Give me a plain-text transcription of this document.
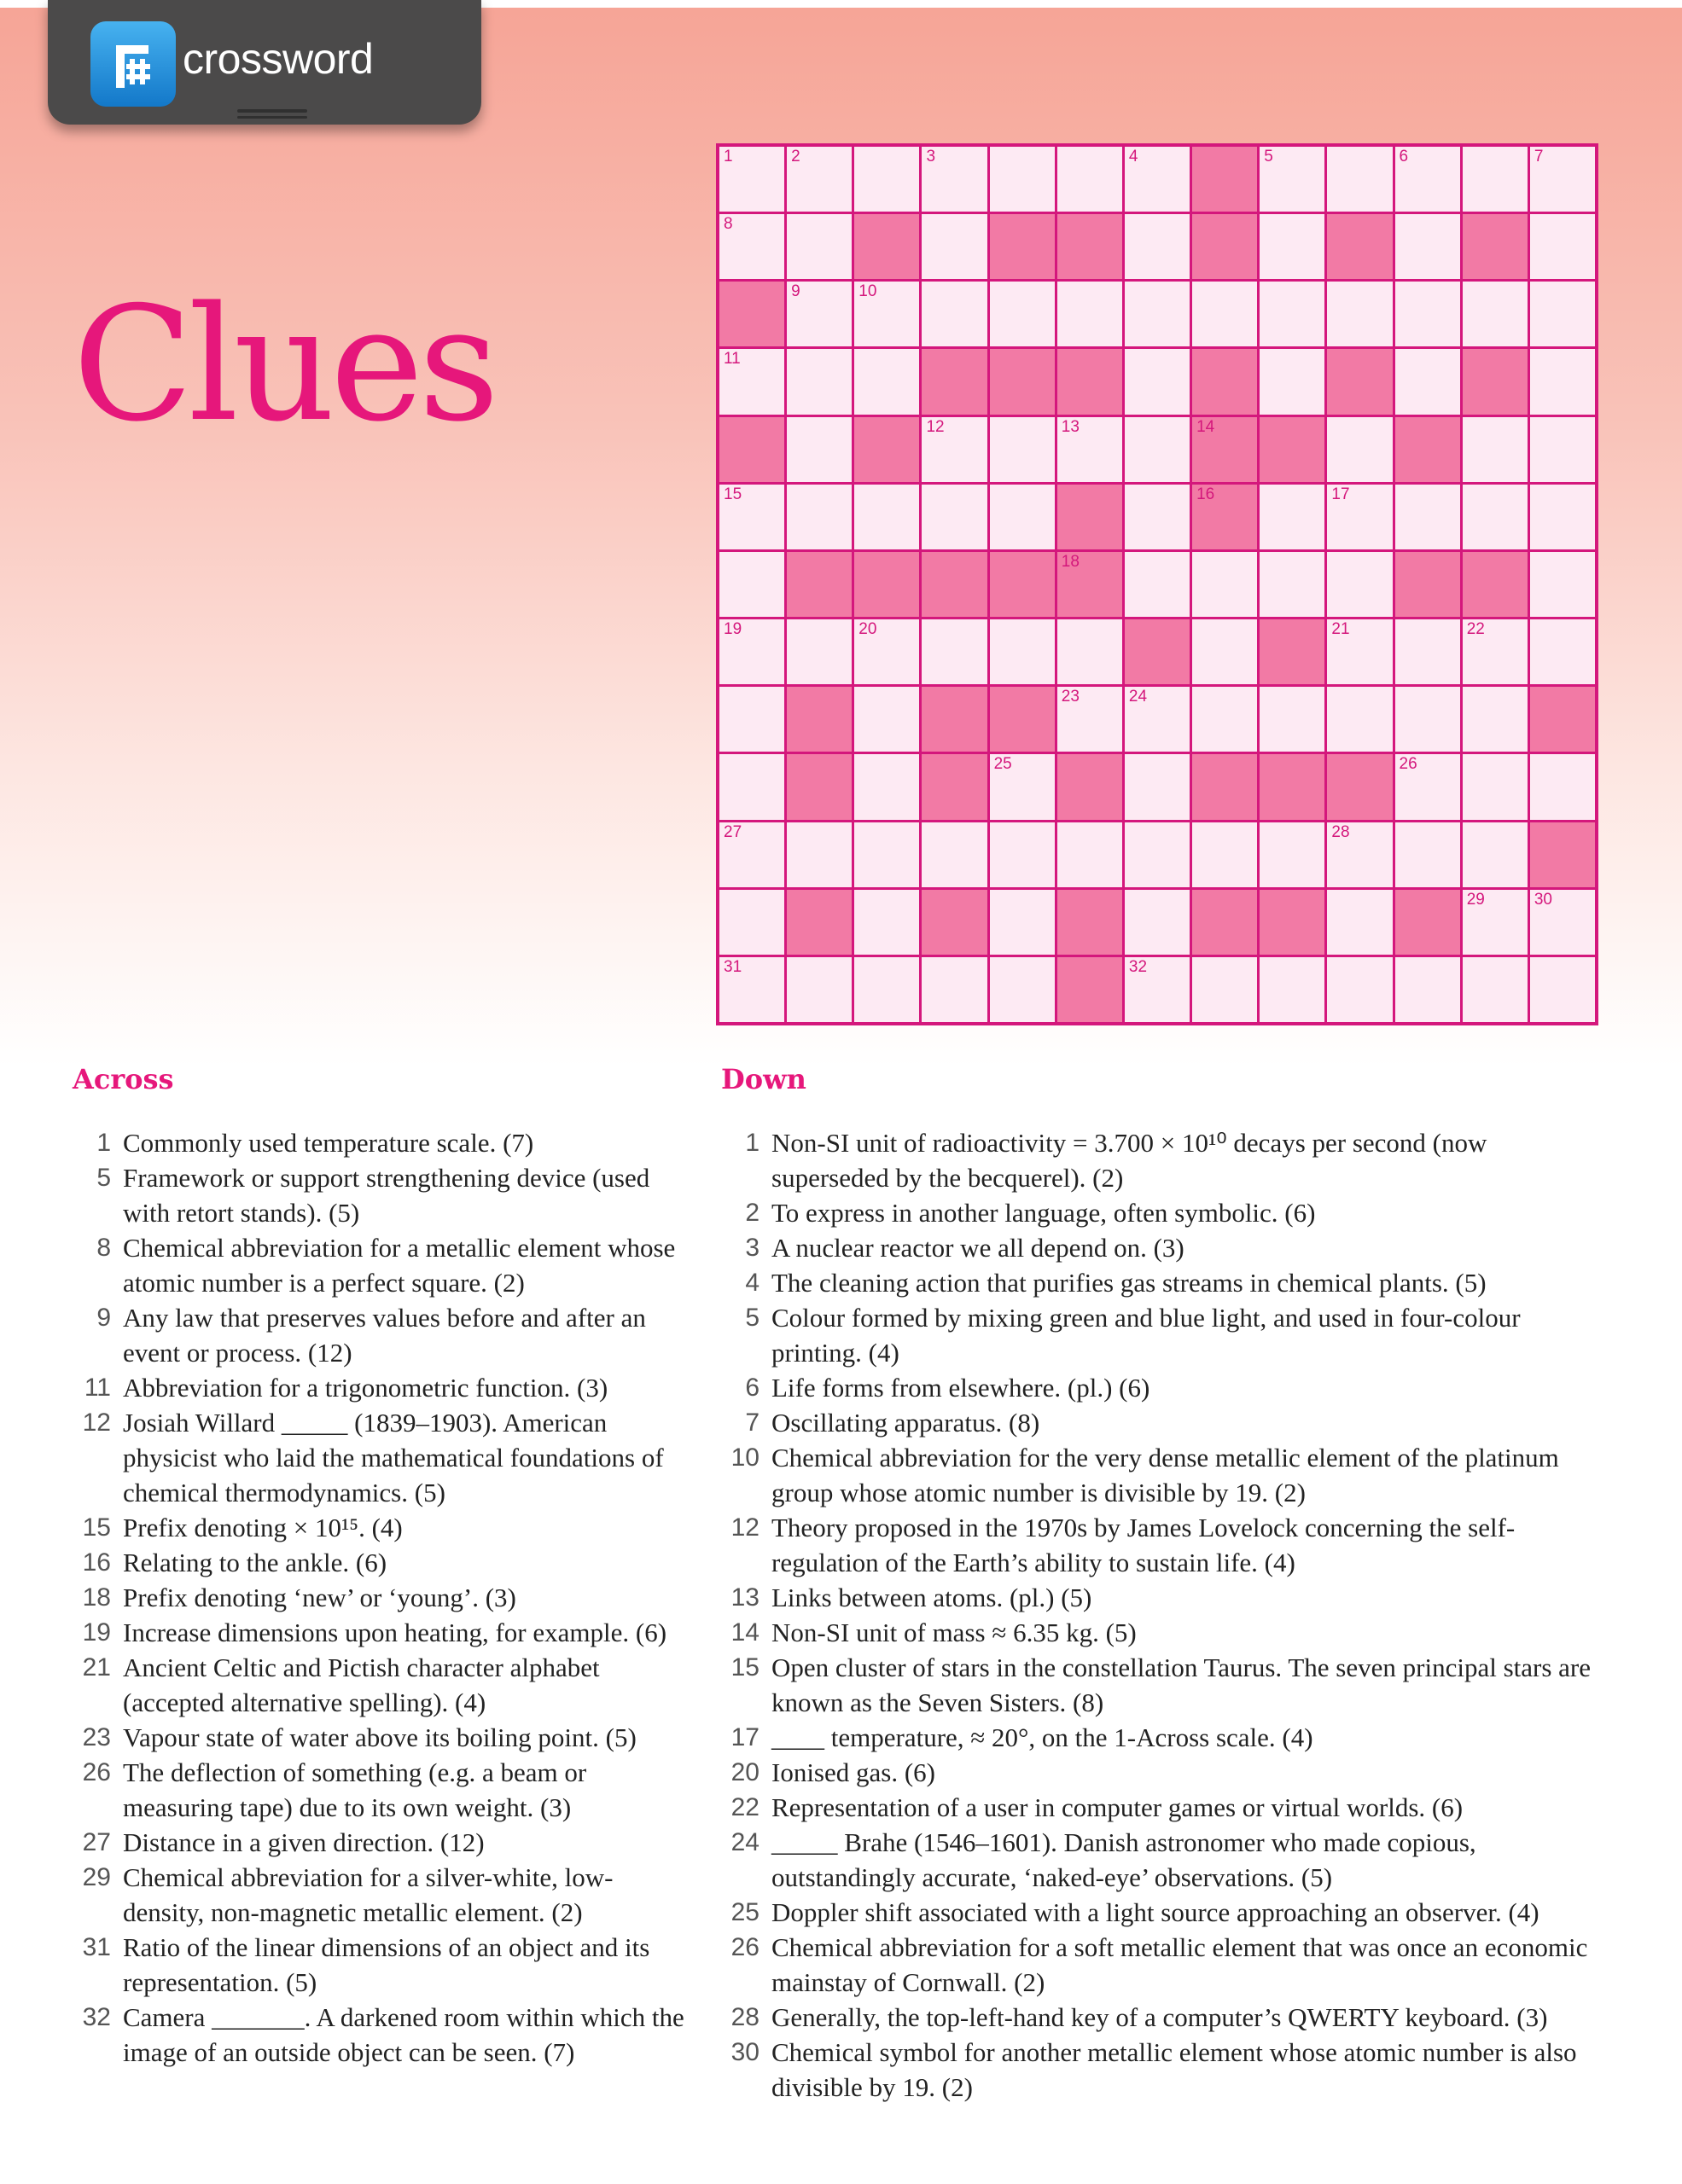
crossword
Clues
1	2	3	4	5	6	7
8
9	10
11
12	13	14
15	16	17
18
19	20	21	22
23	24
25	26
27	28
29	30
31	32
Across
1 Commonly used temperature scale. (7)
5 Framework or support strengthening device (used with retort stands). (5)
8 Chemical abbreviation for a metallic element whose atomic number is a perfect square. (2)
9 Any law that preserves values before and after an event or process. (12)
11 Abbreviation for a trigonometric function. (3)
12 Josiah Willard _____ (1839–1903). American physicist who laid the mathematical foundations of chemical thermodynamics. (5)
15 Prefix denoting × 10¹⁵. (4)
16 Relating to the ankle. (6)
18 Prefix denoting ‘new’ or ‘young’. (3)
19 Increase dimensions upon heating, for example. (6)
21 Ancient Celtic and Pictish character alphabet (accepted alternative spelling). (4)
23 Vapour state of water above its boiling point. (5)
26 The deflection of something (e.g. a beam or measuring tape) due to its own weight. (3)
27 Distance in a given direction. (12)
29 Chemical abbreviation for a silver-white, low-density, non-magnetic metallic element. (2)
31 Ratio of the linear dimensions of an object and its representation. (5)
32 Camera _______. A darkened room within which the image of an outside object can be seen. (7)
Down
1 Non-SI unit of radioactivity = 3.700 × 10¹⁰ decays per second (now superseded by the becquerel). (2)
2 To express in another language, often symbolic. (6)
3 A nuclear reactor we all depend on. (3)
4 The cleaning action that purifies gas streams in chemical plants. (5)
5 Colour formed by mixing green and blue light, and used in four-colour printing. (4)
6 Life forms from elsewhere. (pl.) (6)
7 Oscillating apparatus. (8)
10 Chemical abbreviation for the very dense metallic element of the platinum group whose atomic number is divisible by 19. (2)
12 Theory proposed in the 1970s by James Lovelock concerning the self-regulation of the Earth’s ability to sustain life. (4)
13 Links between atoms. (pl.) (5)
14 Non-SI unit of mass ≈ 6.35 kg. (5)
15 Open cluster of stars in the constellation Taurus. The seven principal stars are known as the Seven Sisters. (8)
17 ____ temperature, ≈ 20°, on the 1-Across scale. (4)
20 Ionised gas. (6)
22 Representation of a user in computer games or virtual worlds. (6)
24 _____ Brahe (1546–1601). Danish astronomer who made copious, outstandingly accurate, ‘naked-eye’ observations. (5)
25 Doppler shift associated with a light source approaching an observer. (4)
26 Chemical abbreviation for a soft metallic element that was once an economic mainstay of Cornwall. (2)
28 Generally, the top-left-hand key of a computer’s QWERTY keyboard. (3)
30 Chemical symbol for another metallic element whose atomic number is also divisible by 19. (2)
